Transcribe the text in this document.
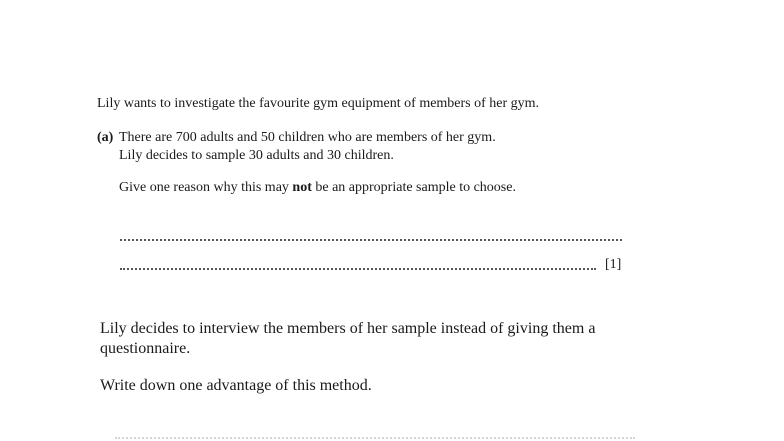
Lily wants to investigate the favourite gym equipment of members of her gym.
(a) There are 700 adults and 50 children who are members of her gym.
Lily decides to sample 30 adults and 30 children.
Give one reason why this may not be an appropriate sample to choose.
[1]
Lily decides to interview the members of her sample instead of giving them a
questionnaire.
Write down one advantage of this method.
